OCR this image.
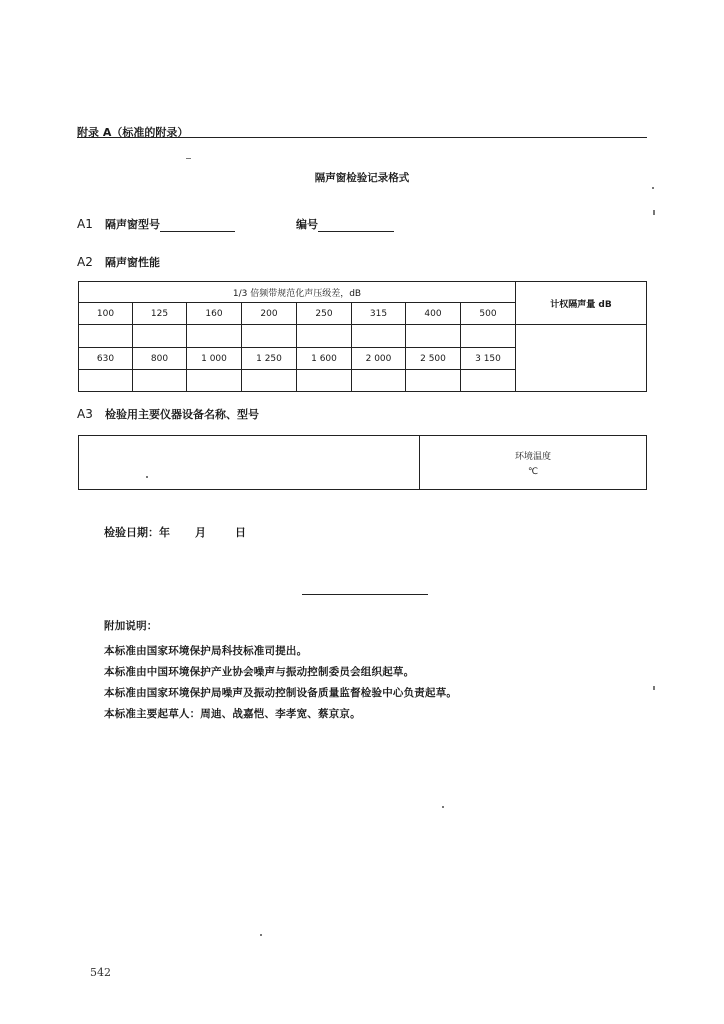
附录 A（标准的附录）
隔声窗检验记录格式
A1 隔声窗型号	编号
A2 隔声窗性能
1/3 倍频带规范化声压级差，dB								计权隔声量 dB
100	125	160	200	250	315	400	500	

630	800	1 000	1 250	1 600	2 000	2 500	3 150	

A3 检验用主要仪器设备名称、型号

环境温度
℃
检验日期：年 月	日
附加说明：
本标准由国家环境保护局科技标准司提出。
本标准由中国环境保护产业协会噪声与振动控制委员会组织起草。
本标准由国家环境保护局噪声及振动控制设备质量监督检验中心负责起草。
本标准主要起草人：周迪、战嘉恺、李孝宽、蔡京京。
542
